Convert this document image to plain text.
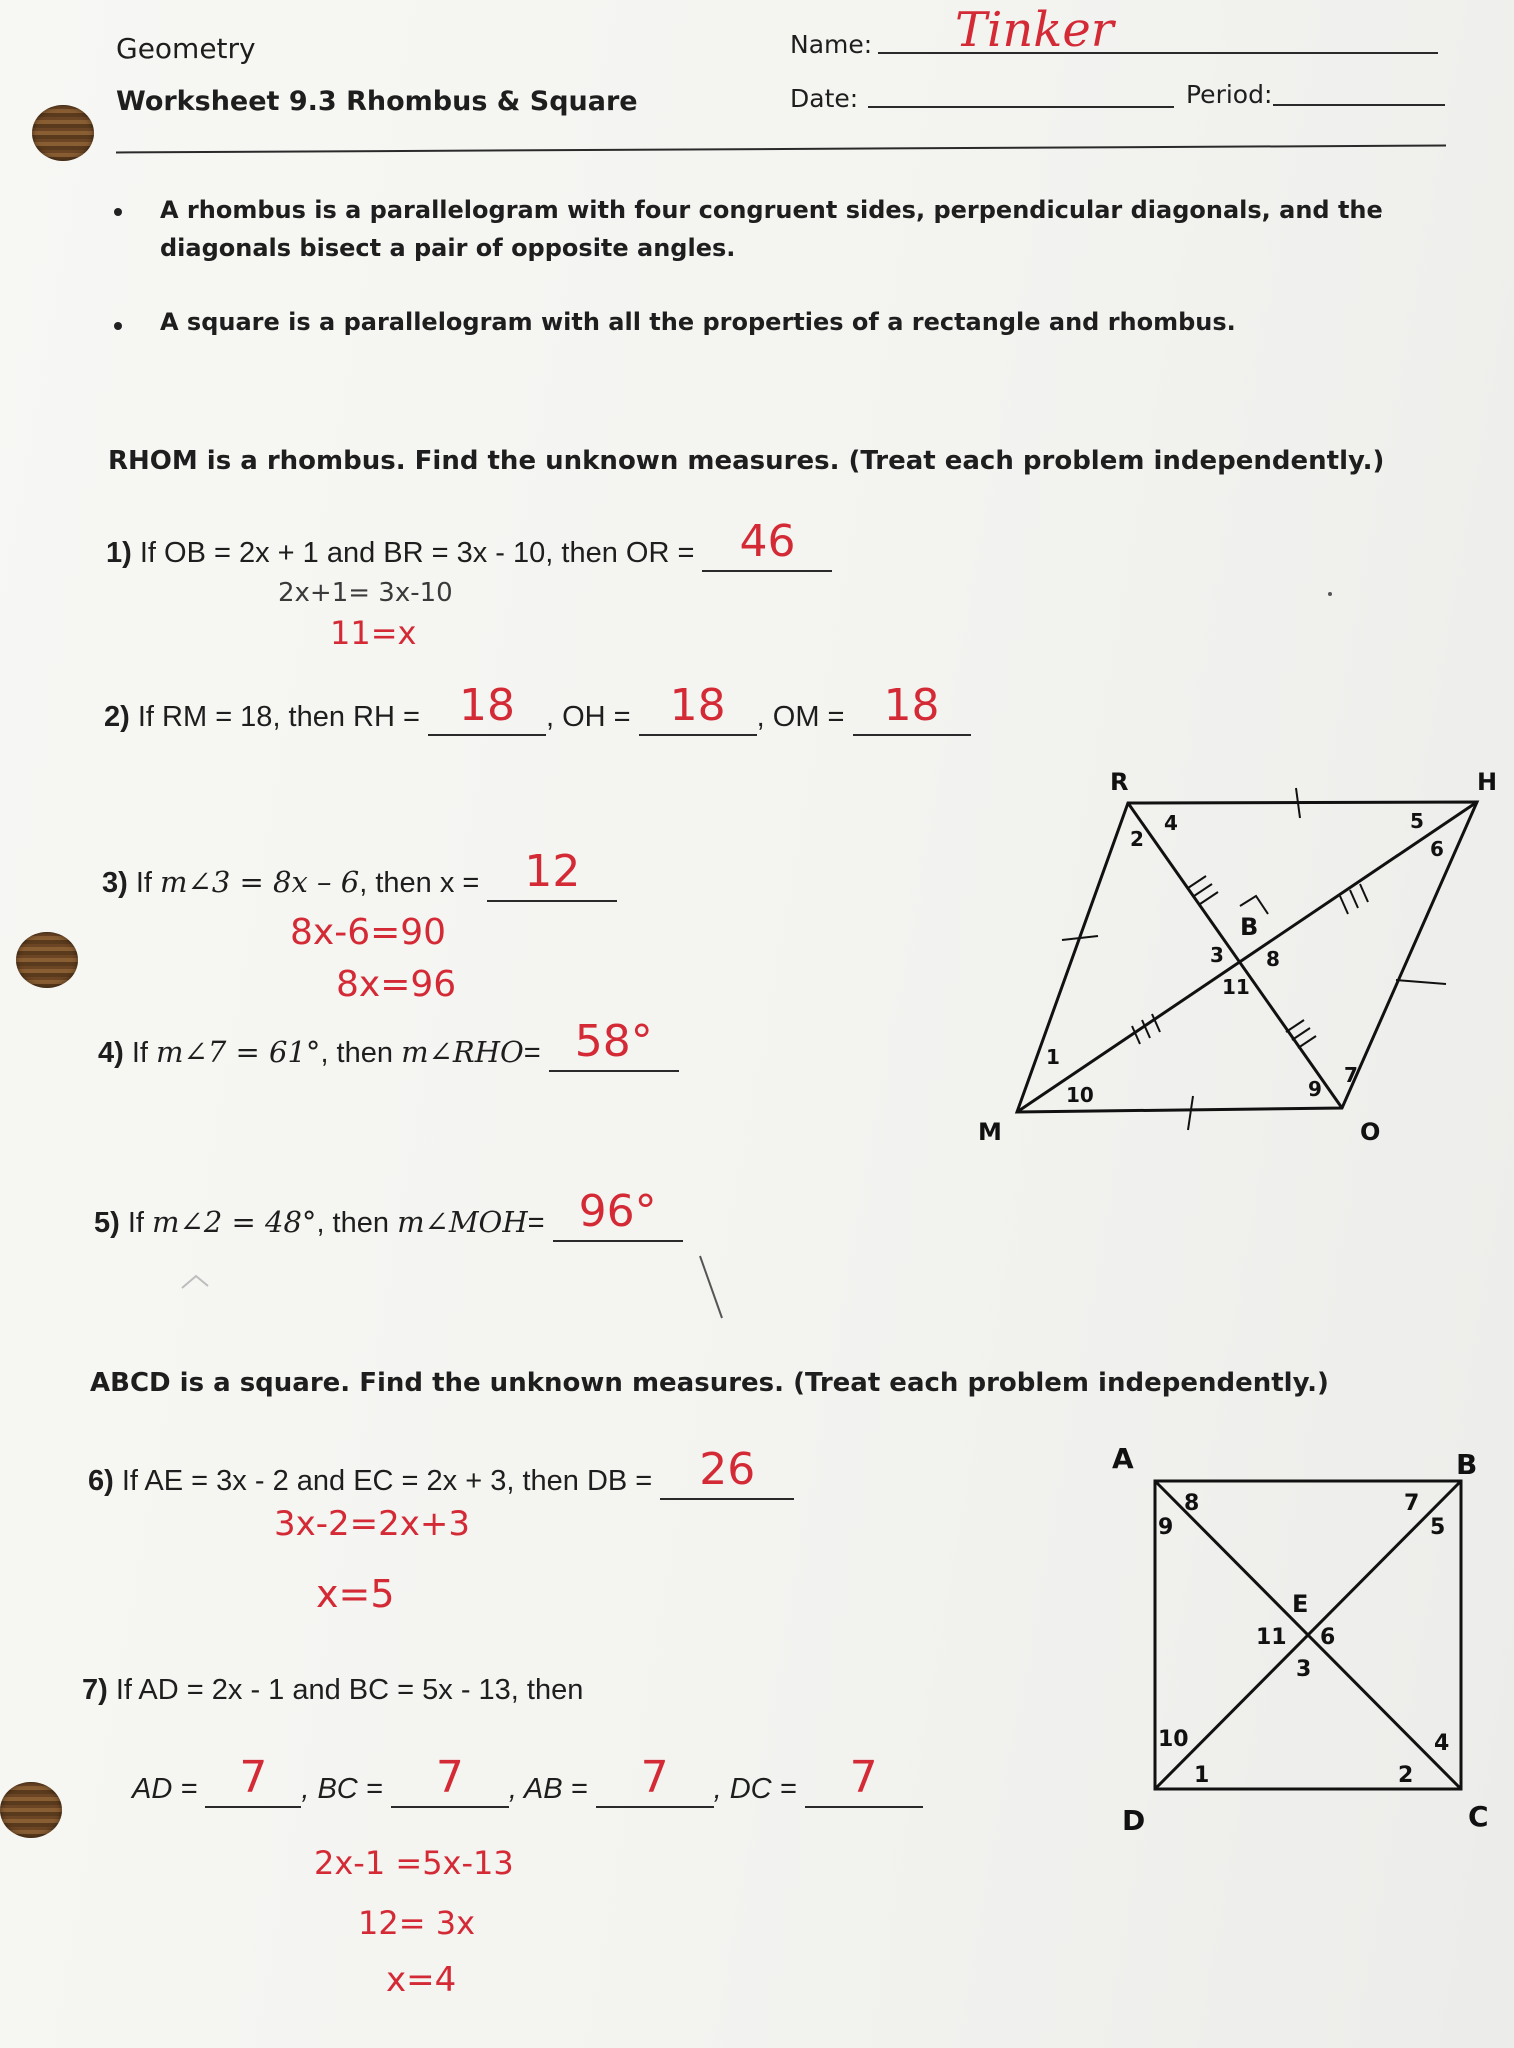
Geometry
Worksheet 9.3 Rhombus & Square
Name: Tinker
Date:	Period:
A rhombus is a parallelogram with four congruent sides, perpendicular diagonals, and the
diagonals bisect a pair of opposite angles.
A square is a parallelogram with all the properties of a rectangle and rhombus.
RHOM is a rhombus. Find the unknown measures. (Treat each problem independently.)
1) If OB = 2x + 1 and BR = 3x - 10, then OR = 46
2x+1= 3x-10
11=x
2) If RM = 18, then RH = 18 , OH = 18 , OM = 18
3) If m∠3 = 8x – 6, then x = 12
8x-6=90
8x=96
4) If m∠7 = 61°, then m∠RHO= 58°
5) If m∠2 = 48°, then m∠MOH= 96°
R	H
M	O
B
1
2
3
4	5
6
7
8
9
10
11
ABCD is a square. Find the unknown measures. (Treat each problem independently.)
6) If AE = 3x - 2 and EC = 2x + 3, then DB = 26
3x-2=2x+3
x=5
7) If AD = 2x - 1 and BC = 5x - 13, then
AD = 7 , BC = 7 , AB = 7 , DC = 7
2x-1 =5x-13
12= 3x
x=4
A	B
C
D
E
1	2
3
4
5
6
7
8
9
10
11
